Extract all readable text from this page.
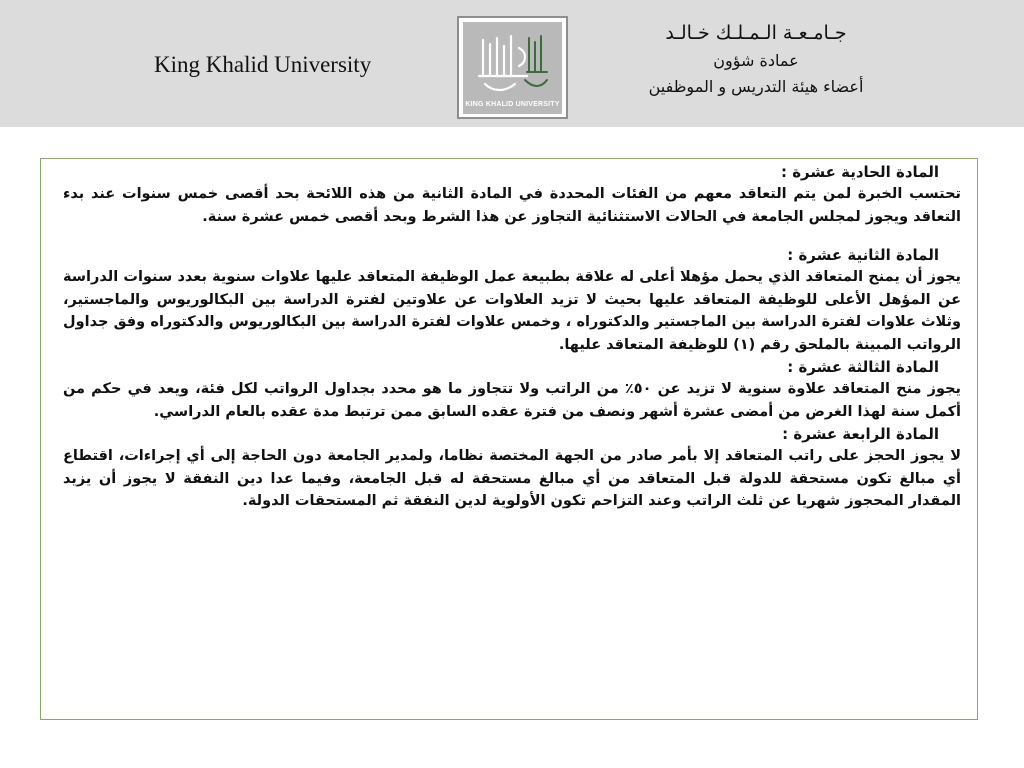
King Khalid University
KING KHALID UNIVERSITY
جـامـعـة الـمـلـك خـالـد
عمادة شؤون
أعضاء هيئة التدريس و الموظفين

المادة الحادية عشرة :

تحتسب الخبرة لمن يتم التعاقد معهم من الفئات المحددة في المادة الثانية من هذه اللائحة بحد أقصى خمس سنوات عند بدء التعاقد ويجوز لمجلس الجامعة في الحالات الاستثنائية التجاوز عن هذا الشرط وبحد أقصى خمس عشرة سنة.

المادة الثانية عشرة :

يجوز أن يمنح المتعاقد الذي يحمل مؤهلا أعلى له علاقة بطبيعة عمل الوظيفة المتعاقد عليها علاوات سنوية بعدد سنوات الدراسة عن المؤهل الأعلى للوظيفة المتعاقد عليها بحيث لا تزيد العلاوات عن علاوتين لفترة الدراسة بين البكالوريوس والماجستير، وثلاث علاوات لفترة الدراسة بين الماجستير والدكتوراه ، وخمس علاوات لفترة الدراسة بين البكالوريوس والدكتوراه وفق جداول الرواتب المبينة بالملحق رقم (١) للوظيفة المتعاقد عليها.

المادة الثالثة عشرة :

يجوز منح المتعاقد علاوة سنوية لا تزيد عن ٥٠٪ من الراتب ولا تتجاوز ما هو محدد بجداول الرواتب لكل فئة، ويعد في حكم من أكمل سنة لهذا الغرض من أمضى عشرة أشهر ونصف من فترة عقده السابق ممن ترتبط مدة عقده بالعام الدراسي.

المادة الرابعة عشرة :

لا يجوز الحجز على راتب المتعاقد إلا بأمر صادر من الجهة المختصة نظاما، ولمدير الجامعة دون الحاجة إلى أي إجراءات، اقتطاع أي مبالغ تكون مستحقة للدولة قبل المتعاقد من أي مبالغ مستحقة له قبل الجامعة، وفيما عدا دين النفقة لا يجوز أن يزيد المقدار المحجوز شهريا عن ثلث الراتب وعند التزاحم تكون الأولوية لدين النفقة ثم المستحقات الدولة.
